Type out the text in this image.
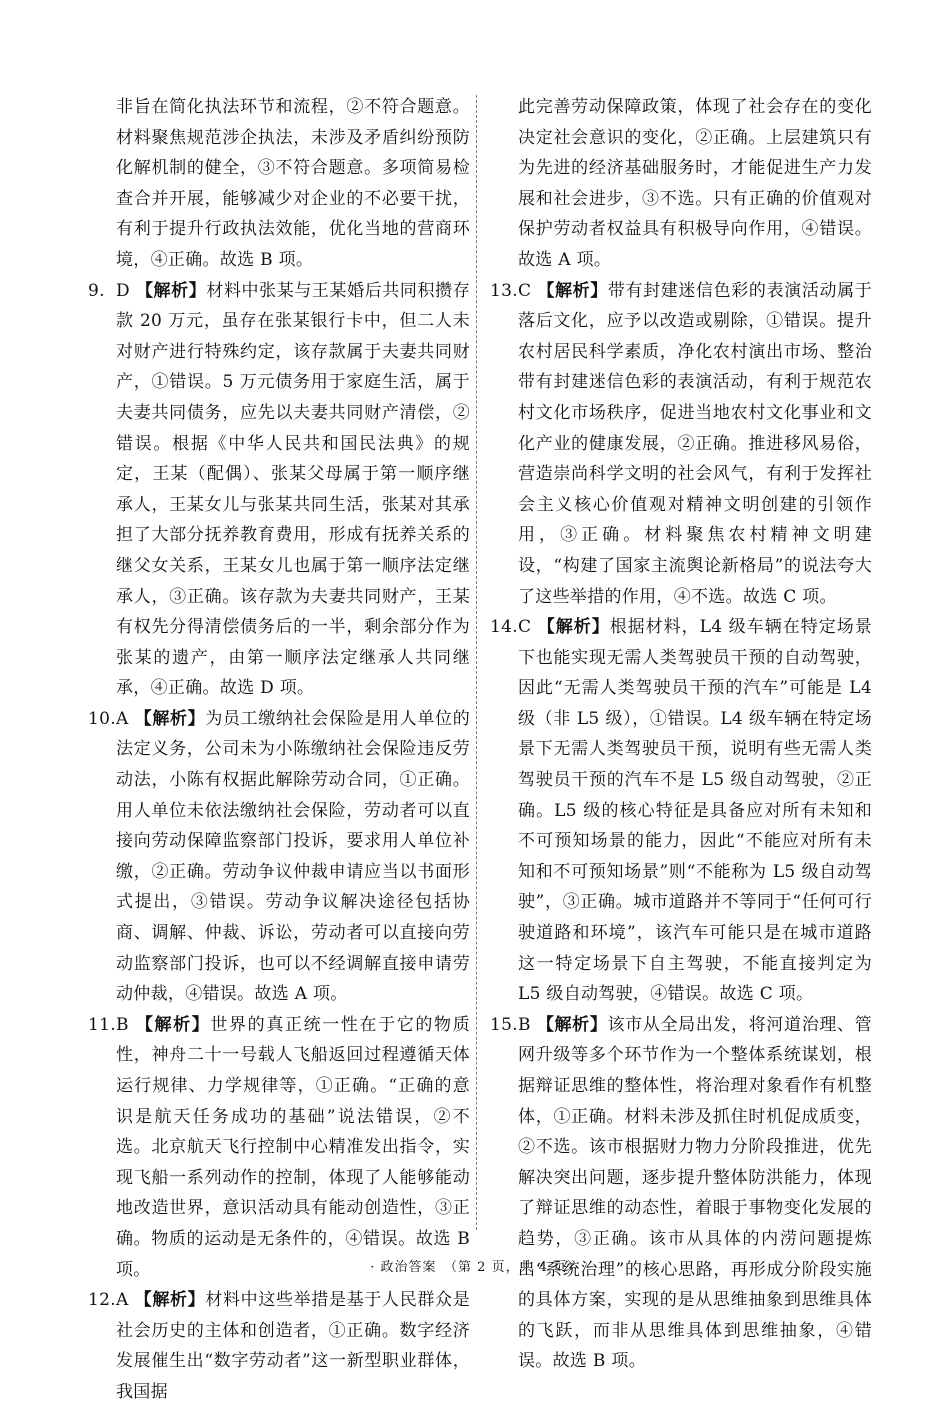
非旨在简化执法环节和流程，②不符合题意。材料聚焦规范涉企执法，未涉及矛盾纠纷预防化解机制的健全，③不符合题意。多项简易检查合并开展，能够减少对企业的不必要干扰，有利于提升行政执法效能，优化当地的营商环境，④正确。故选 B 项。

9. D 【解析】材料中张某与王某婚后共同积攒存款 20 万元，虽存在张某银行卡中，但二人未对财产进行特殊约定，该存款属于夫妻共同财产，①错误。5 万元债务用于家庭生活，属于夫妻共同债务，应先以夫妻共同财产清偿，②错误。根据《中华人民共和国民法典》的规定，王某（配偶）、张某父母属于第一顺序继承人，王某女儿与张某共同生活，张某对其承担了大部分抚养教育费用，形成有抚养关系的继父女关系，王某女儿也属于第一顺序法定继承人，③正确。该存款为夫妻共同财产，王某有权先分得清偿债务后的一半，剩余部分作为张某的遗产，由第一顺序法定继承人共同继承，④正确。故选 D 项。
10. A 【解析】为员工缴纳社会保险是用人单位的法定义务，公司未为小陈缴纳社会保险违反劳动法，小陈有权据此解除劳动合同，①正确。用人单位未依法缴纳社会保险，劳动者可以直接向劳动保障监察部门投诉，要求用人单位补缴，②正确。劳动争议仲裁申请应当以书面形式提出，③错误。劳动争议解决途径包括协商、调解、仲裁、诉讼，劳动者可以直接向劳动监察部门投诉，也可以不经调解直接申请劳动仲裁，④错误。故选 A 项。
11. B 【解析】世界的真正统一性在于它的物质性，神舟二十一号载人飞船返回过程遵循天体运行规律、力学规律等，①正确。“正确的意识是航天任务成功的基础”说法错误，②不选。北京航天飞行控制中心精准发出指令，实现飞船一系列动作的控制，体现了人能够能动地改造世界，意识活动具有能动创造性，③正确。物质的运动是无条件的，④错误。故选 B 项。
12. A 【解析】材料中这些举措是基于人民群众是社会历史的主体和创造者，①正确。数字经济发展催生出“数字劳动者”这一新型职业群体，我国据

此完善劳动保障政策，体现了社会存在的变化决定社会意识的变化，②正确。上层建筑只有为先进的经济基础服务时，才能促进生产力发展和社会进步，③不选。只有正确的价值观对保护劳动者权益具有积极导向作用，④错误。故选 A 项。

13. C 【解析】带有封建迷信色彩的表演活动属于落后文化，应予以改造或剔除，①错误。提升农村居民科学素质，净化农村演出市场、整治带有封建迷信色彩的表演活动，有利于规范农村文化市场秩序，促进当地农村文化事业和文化产业的健康发展，②正确。推进移风易俗，营造崇尚科学文明的社会风气，有利于发挥社会主义核心价值观对精神文明创建的引领作用，③正确。材料聚焦农村精神文明建设，“构建了国家主流舆论新格局”的说法夸大了这些举措的作用，④不选。故选 C 项。
14. C 【解析】根据材料，L4 级车辆在特定场景下也能实现无需人类驾驶员干预的自动驾驶，因此“无需人类驾驶员干预的汽车”可能是 L4 级（非 L5 级），①错误。L4 级车辆在特定场景下无需人类驾驶员干预，说明有些无需人类驾驶员干预的汽车不是 L5 级自动驾驶，②正确。L5 级的核心特征是具备应对所有未知和不可预知场景的能力，因此“不能应对所有未知和不可预知场景”则“不能称为 L5 级自动驾驶”，③正确。城市道路并不等同于“任何可行驶道路和环境”，该汽车可能只是在城市道路这一特定场景下自主驾驶，不能直接判定为 L5 级自动驾驶，④错误。故选 C 项。
15. B 【解析】该市从全局出发，将河道治理、管网升级等多个环节作为一个整体系统谋划，根据辩证思维的整体性，将治理对象看作有机整体，①正确。材料未涉及抓住时机促成质变，②不选。该市根据财力物力分阶段推进，优先解决突出问题，逐步提升整体防洪能力，体现了辩证思维的动态性，着眼于事物变化发展的趋势，③正确。该市从具体的内涝问题提炼出“系统治理”的核心思路，再形成分阶段实施的具体方案，实现的是从思维抽象到思维具体的飞跃，而非从思维具体到思维抽象，④错误。故选 B 项。
· 政治答案　（第 2 页，共 4 页）·
